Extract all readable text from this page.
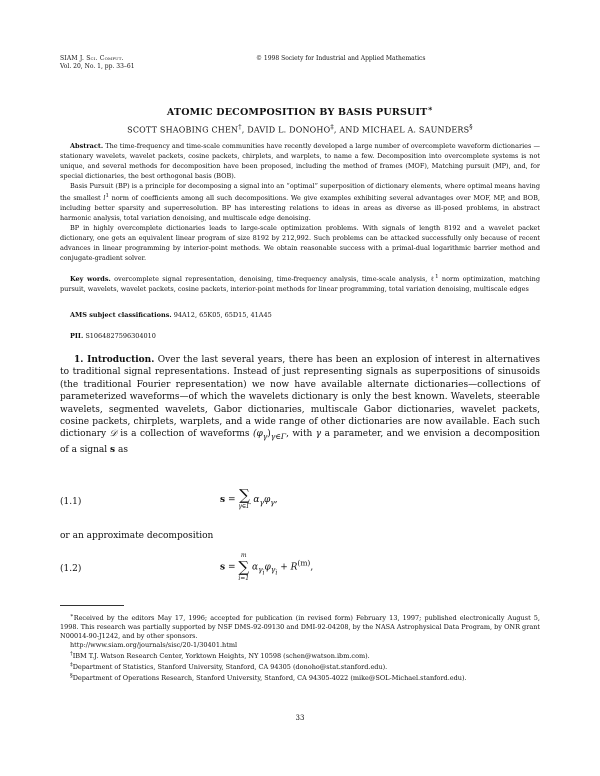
SIAM J. Sci. Comput.
Vol. 20, No. 1, pp. 33–61
© 1998 Society for Industrial and Applied Mathematics
ATOMIC DECOMPOSITION BY BASIS PURSUIT∗
SCOTT SHAOBING CHEN†, DAVID L. DONOHO‡, AND MICHAEL A. SAUNDERS§

Abstract. The time-frequency and time-scale communities have recently developed a large number of overcomplete waveform dictionaries — stationary wavelets, wavelet packets, cosine packets, chirplets, and warplets, to name a few. Decomposition into overcomplete systems is not unique, and several methods for decomposition have been proposed, including the method of frames (MOF), Matching pursuit (MP), and, for special dictionaries, the best orthogonal basis (BOB).

Basis Pursuit (BP) is a principle for decomposing a signal into an “optimal” superposition of dictionary elements, where optimal means having the smallest $l^1$ norm of coefficients among all such decompositions. We give examples exhibiting several advantages over MOF, MP, and BOB, including better sparsity and superresolution. BP has interesting relations to ideas in areas as diverse as ill-posed problems, in abstract harmonic analysis, total variation denoising, and multiscale edge denoising.

BP in highly overcomplete dictionaries leads to large-scale optimization problems. With signals of length 8192 and a wavelet packet dictionary, one gets an equivalent linear program of size 8192 by 212,992. Such problems can be attacked successfully only because of recent advances in linear programming by interior-point methods. We obtain reasonable success with a primal-dual logarithmic barrier method and conjugate-gradient solver.

Key words. overcomplete signal representation, denoising, time-frequency analysis, time-scale analysis, ℓ$^1$ norm optimization, matching pursuit, wavelets, wavelet packets, cosine packets, interior-point methods for linear programming, total variation denoising, multiscale edges
AMS subject classifications. 94A12, 65K05, 65D15, 41A45
PII. S1064827596304010

1. Introduction. Over the last several years, there has been an explosion of interest in alternatives to traditional signal representations. Instead of just representing signals as superpositions of sinusoids (the traditional Fourier representation) we now have available alternate dictionaries—collections of parameterized waveforms—of which the wavelets dictionary is only the best known. Wavelets, steerable wavelets, segmented wavelets, Gabor dictionaries, multiscale Gabor dictionaries, wavelet packets, cosine packets, chirplets, warplets, and a wide range of other dictionaries are now available. Each such dictionary 𝒟 is a collection of waveforms $(\varphi_\gamma)_{\gamma\in\Gamma}$, with γ a parameter, and we envision a decomposition of a signal s as

(1.1)	s = ∑
γ∈Γ
$\alpha_\gamma\varphi_\gamma$,
or an approximate decomposition
(1.2)	s =
m
∑
i=1
$\alpha_{\gamma_i}\varphi_{\gamma_i} + R^{(m)}$,

∗Received by the editors May 17, 1996; accepted for publication (in revised form) February 13, 1997; published electronically August 5, 1998. This research was partially supported by NSF DMS-92-09130 and DMI-92-04208, by the NASA Astrophysical Data Program, by ONR grant N00014-90-J1242, and by other sponsors.

http://www.siam.org/journals/sisc/20-1/30401.html

†IBM T.J. Watson Research Center, Yorktown Heights, NY 10598 (schen@watson.ibm.com).

‡Department of Statistics, Stanford University, Stanford, CA 94305 (donoho@stat.stanford.edu).

§Department of Operations Research, Stanford University, Stanford, CA 94305-4022 (mike@SOL-Michael.stanford.edu).

33
